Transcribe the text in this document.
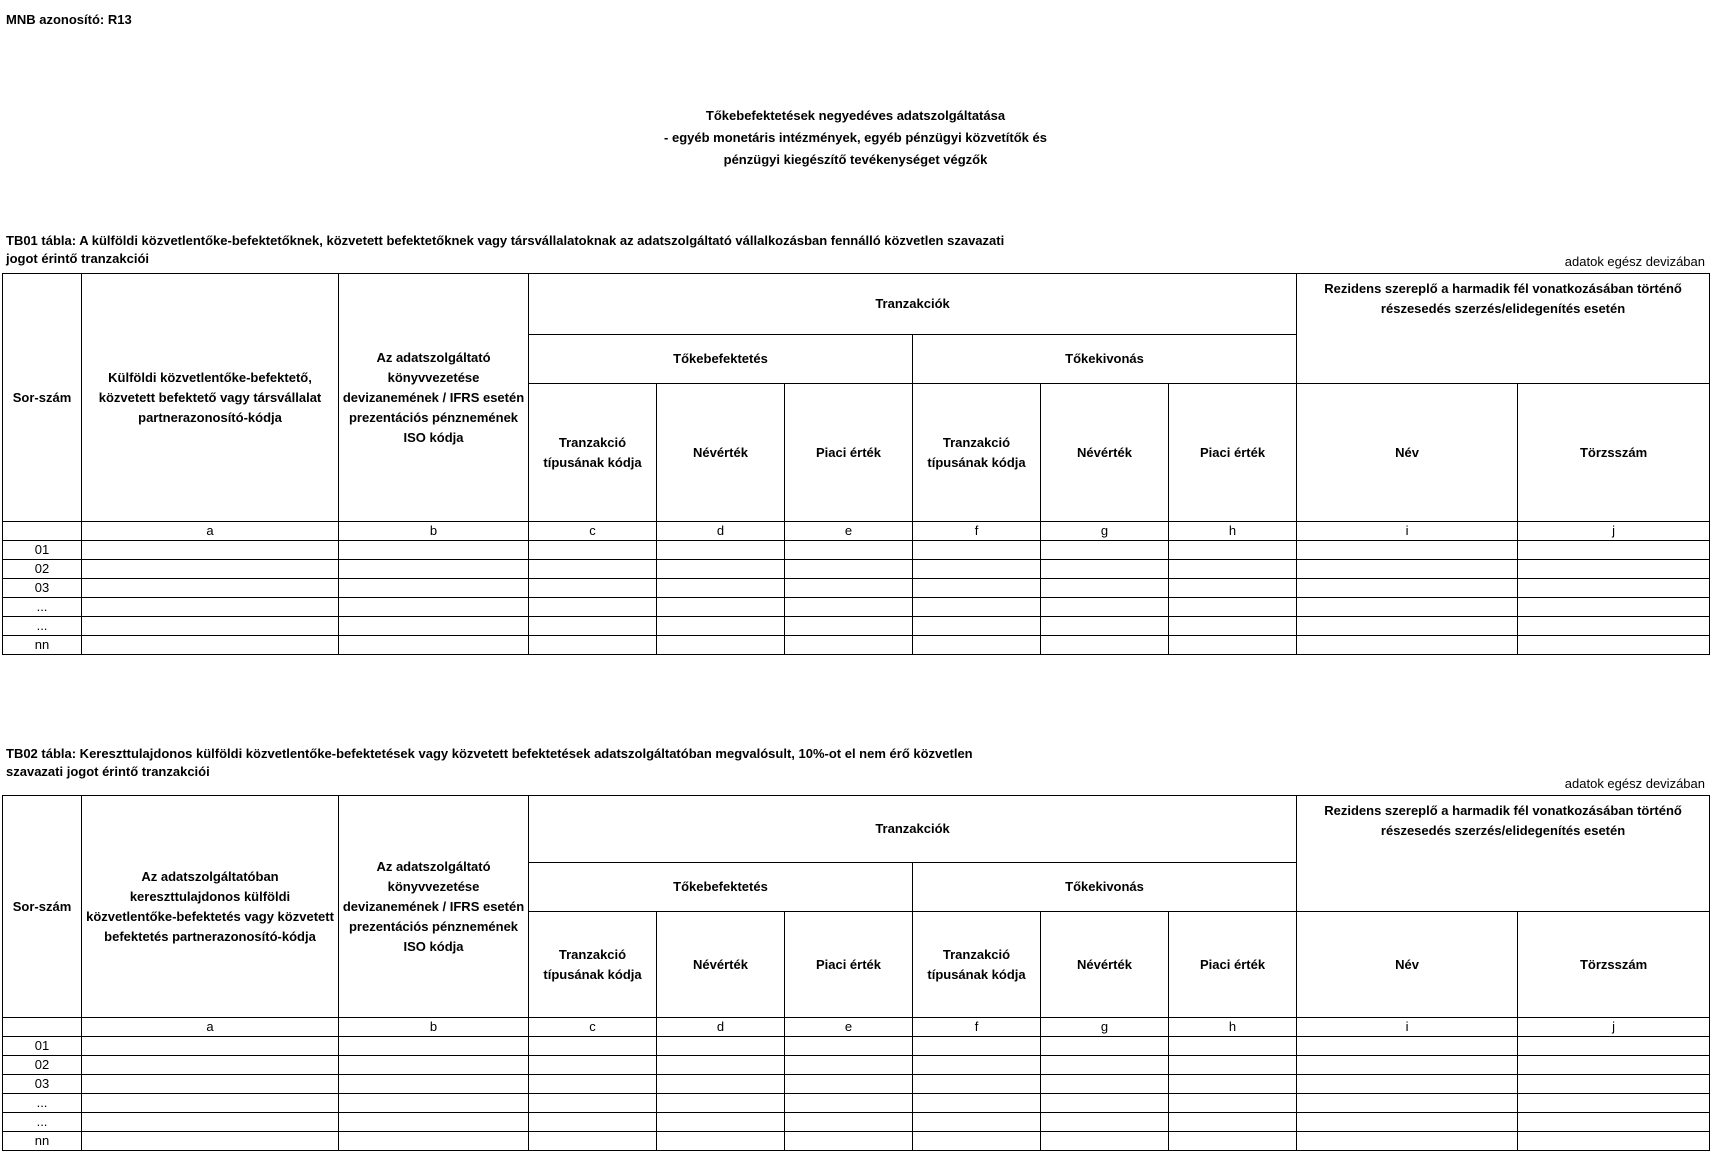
MNB azonosító: R13
Tőkebefektetések negyedéves adatszolgáltatása
- egyéb monetáris intézmények, egyéb pénzügyi közvetítők és
pénzügyi kiegészítő tevékenységet végzők
TB01 tábla: A külföldi közvetlentőke-befektetőknek, közvetett befektetőknek vagy társvállalatoknak az adatszolgáltató vállalkozásban fennálló közvetlen szavazati
jogot érintő tranzakciói	adatok egész devizában
Sor-szám	Külföldi közvetlentőke-befektető, közvetett befektető vagy társvállalat partnerazonosító-kódja	Az adatszolgáltató könyvvezetése devizanemének / IFRS esetén prezentációs pénznemének ISO kódja	Tranzakciók						Rezidens szereplő a harmadik fél vonatkozásában történő részesedés szerzés/elidegenítés esetén	
			Tőkebefektetés			Tőkekivonás				
			Tranzakció típusának kódja	Névérték	Piaci érték	Tranzakció típusának kódja	Névérték	Piaci érték	Név	Törzsszám
	a	b	c	d	e	f	g	h	i	j
01										
02										
03										
...										
...										
nn										
TB02 tábla: Kereszttulajdonos külföldi közvetlentőke-befektetések vagy közvetett befektetések adatszolgáltatóban megvalósult, 10%-ot el nem érő közvetlen
szavazati jogot érintő tranzakciói
adatok egész devizában
Sor-szám	Az adatszolgáltatóban kereszttulajdonos külföldi közvetlentőke-befektetés vagy közvetett befektetés partnerazonosító-kódja	Az adatszolgáltató könyvvezetése devizanemének / IFRS esetén prezentációs pénznemének ISO kódja	Tranzakciók						Rezidens szereplő a harmadik fél vonatkozásában történő részesedés szerzés/elidegenítés esetén	
			Tőkebefektetés			Tőkekivonás				
			Tranzakció típusának kódja	Névérték	Piaci érték	Tranzakció típusának kódja	Névérték	Piaci érték	Név	Törzsszám
	a	b	c	d	e	f	g	h	i	j
01										
02										
03										
...										
...										
nn										
